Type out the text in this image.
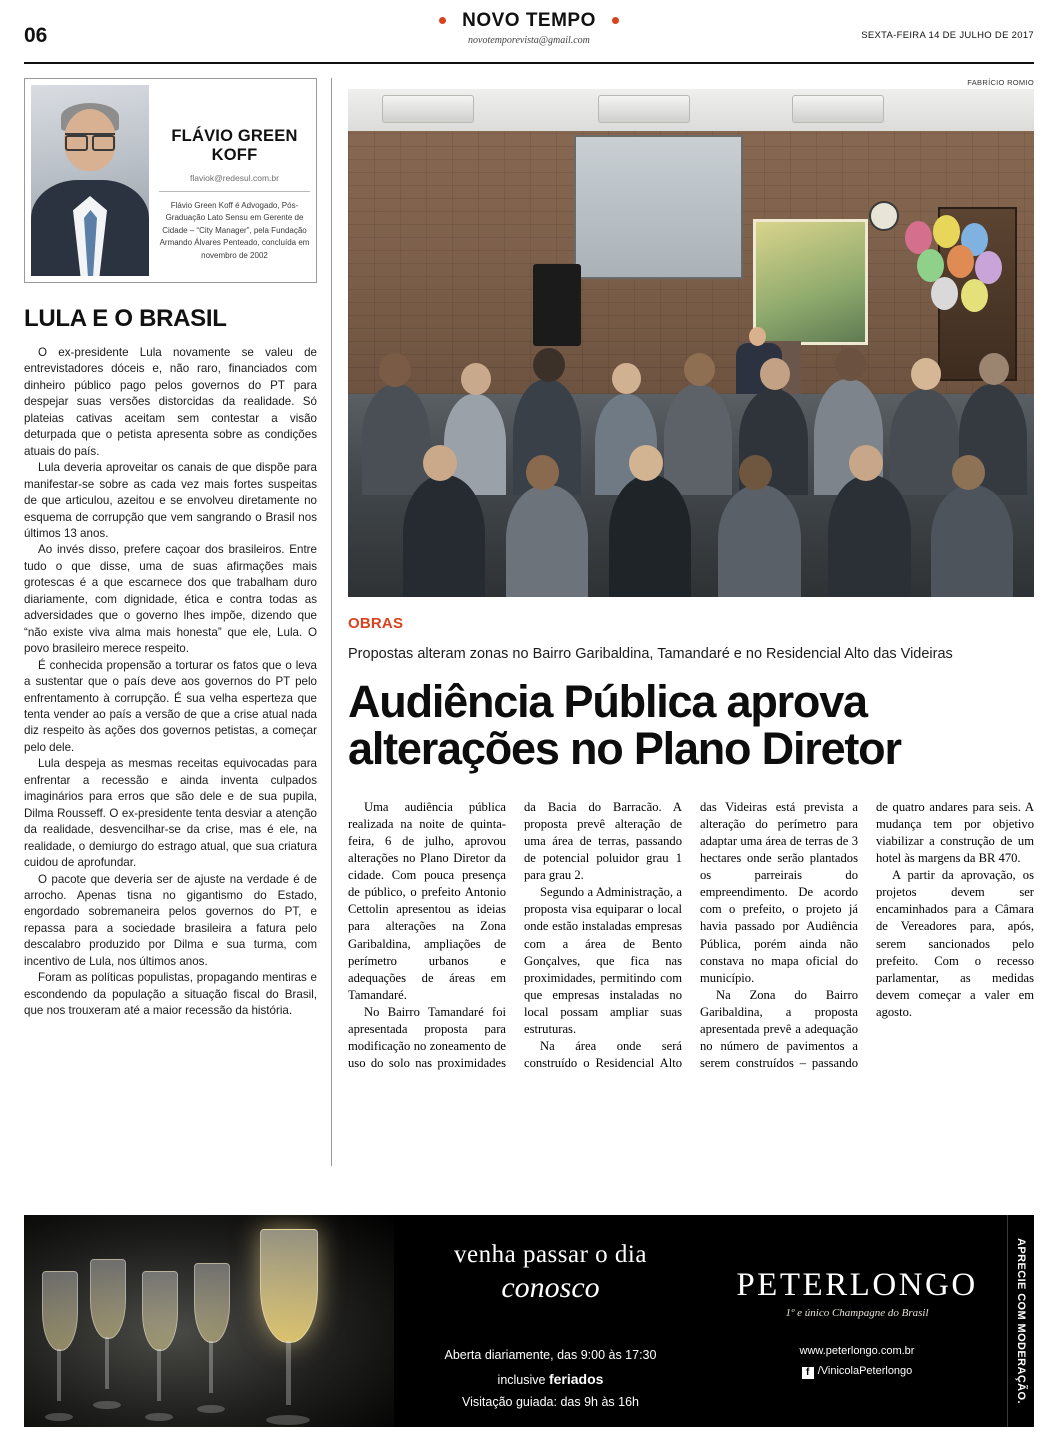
06
NOVO TEMPO
novotemporevista@gmail.com	SEXTA-FEIRA 14 DE JULHO DE 2017
FLÁVIO GREEN KOFF
flaviok@redesul.com.br
Flávio Green Koff é Advogado, Pós-Graduação Lato Sensu em Gerente de Cidade – “City Manager”, pela Fundação Armando Álvares Penteado, concluída em novembro de 2002
LULA E O BRASIL

O ex-presidente Lula novamente se valeu de entrevistadores dóceis e, não raro, financiados com dinheiro público pago pelos governos do PT para despejar suas versões distorcidas da realidade. Só plateias cativas aceitam sem contestar a visão deturpada que o petista apresenta sobre as condições atuais do país.

Lula deveria aproveitar os canais de que dispõe para manifestar-se sobre as cada vez mais fortes suspeitas de que articulou, azeitou e se envolveu diretamente no esquema de corrupção que vem sangrando o Brasil nos últimos 13 anos.

Ao invés disso, prefere caçoar dos brasileiros. Entre tudo o que disse, uma de suas afirmações mais grotescas é a que escarnece dos que trabalham duro diariamente, com dignidade, ética e contra todas as adversidades que o governo lhes impõe, dizendo que “não existe viva alma mais honesta” que ele, Lula. O povo brasileiro merece respeito.

É conhecida propensão a torturar os fatos que o leva a sustentar que o país deve aos governos do PT pelo enfrentamento à corrupção. É sua velha esperteza que tenta vender ao país a versão de que a crise atual nada diz respeito às ações dos governos petistas, a começar pelo dele.

Lula despeja as mesmas receitas equivocadas para enfrentar a recessão e ainda inventa culpados imaginários para erros que são dele e de sua pupila, Dilma Rousseff. O ex-presidente tenta desviar a atenção da realidade, desvencilhar-se da crise, mas é ele, na realidade, o demiurgo do estrago atual, que sua criatura cuidou de aprofundar.

O pacote que deveria ser de ajuste na verdade é de arrocho. Apenas tisna no gigantismo do Estado, engordado sobremaneira pelos governos do PT, e repassa para a sociedade brasileira a fatura pelo descalabro produzido por Dilma e sua turma, com incentivo de Lula, nos últimos anos.

Foram as políticas populistas, propagando mentiras e escondendo da população a situação fiscal do Brasil, que nos trouxeram até a maior recessão da história.

FABRÍCIO ROMIO
OBRAS
Propostas alteram zonas no Bairro Garibaldina, Tamandaré e no Residencial Alto das Videiras
Audiência Pública aprova alterações no Plano Diretor

Uma audiência pública realizada na noite de quinta-feira, 6 de julho, aprovou alterações no Plano Diretor da cidade. Com pouca presença de público, o prefeito Antonio Cettolin apresentou as ideias para alterações na Zona Garibaldina, ampliações de perímetro urbanos e adequações de áreas em Tamandaré.

No Bairro Tamandaré foi apresentada proposta para modificação no zoneamento de uso do solo nas proximidades da Bacia do Barracão. A proposta prevê alteração de uma área de terras, passando de potencial poluidor grau 1 para grau 2.

Segundo a Administração, a proposta visa equiparar o local onde estão instaladas empresas com a área de Bento Gonçalves, que fica nas proximidades, permitindo com que empresas instaladas no local possam ampliar suas estruturas.

Na área onde será construído o Residencial Alto das Videiras está prevista a alteração do perímetro para adaptar uma área de terras de 3 hectares onde serão plantados os parreirais do empreendimento. De acordo com o prefeito, o projeto já havia passado por Audiência Pública, porém ainda não constava no mapa oficial do município.

Na Zona do Bairro Garibaldina, a proposta apresentada prevê a adequação no número de pavimentos a serem construídos – passando de quatro andares para seis. A mudança tem por objetivo viabilizar a construção de um hotel às margens da BR 470.

A partir da aprovação, os projetos devem ser encaminhados para a Câmara de Vereadores para, após, serem sancionados pelo prefeito. Com o recesso parlamentar, as medidas devem começar a valer em agosto.

venha passar o dia
conosco
Aberta diariamente, das 9:00 às 17:30
inclusive feriados
Visitação guiada: das 9h às 16h
PETERLONGO
1º e único Champagne do Brasil
www.peterlongo.com.br
f /VinicolaPeterlongo	APRECIE COM MODERAÇÃO.
